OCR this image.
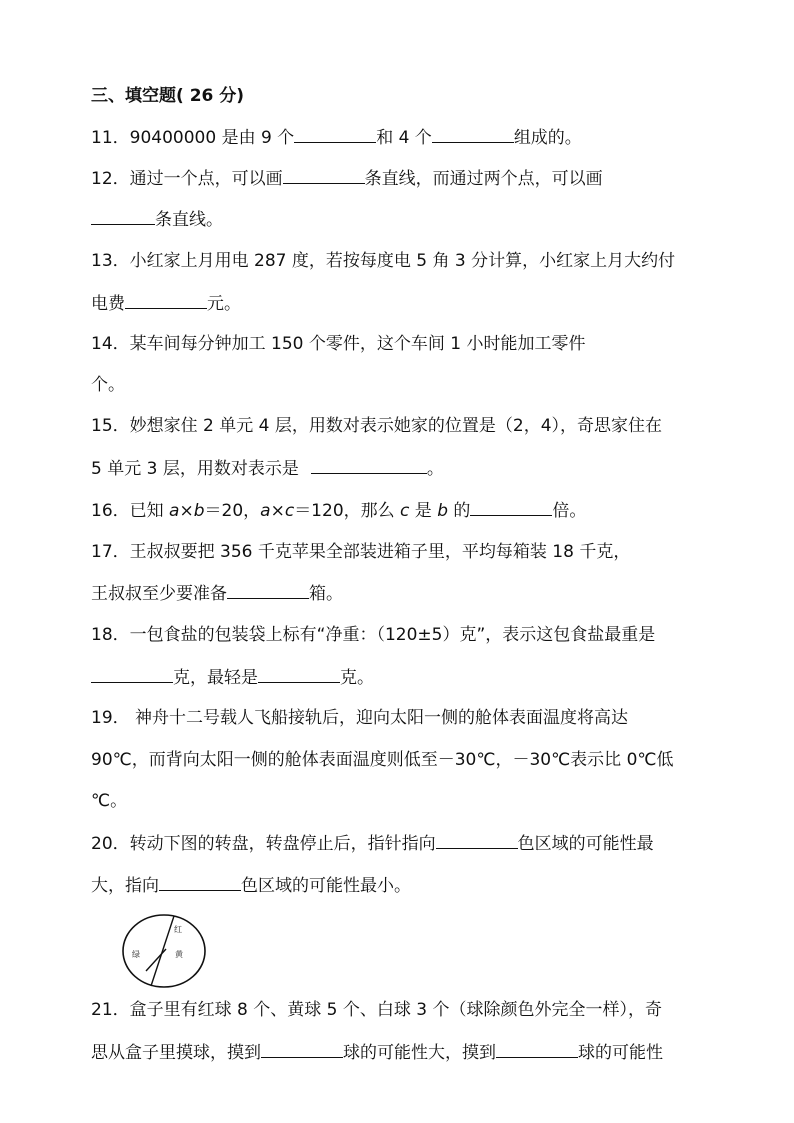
三、填空题( 26 分)
11．90400000 是由 9 个	和 4 个	组成的。
12．通过一个点，可以画	条直线，而通过两个点，可以画
条直线。
13．小红家上月用电 287 度，若按每度电 5 角 3 分计算，小红家上月大约付
电费	元。
14．某车间每分钟加工 150 个零件，这个车间 1 小时能加工零件
个。
15．妙想家住 2 单元 4 层，用数对表示她家的位置是（2，4），奇思家住在
5 单元 3 层，用数对表示是	。
16．已知 a×b＝20，a×c＝120，那么 c 是 b 的	倍。
17．王叔叔要把 356 千克苹果全部装进箱子里，平均每箱装 18 千克，
王叔叔至少要准备	箱。
18．一包食盐的包装袋上标有“净重：（120±5）克”，表示这包食盐最重是
克，最轻是	克。
19． 神舟十二号载人飞船接轨后，迎向太阳一侧的舱体表面温度将高达
90℃，而背向太阳一侧的舱体表面温度则低至－30℃，－30℃表示比 0℃低
℃。
20．转动下图的转盘，转盘停止后，指针指向	色区域的可能性最
大，指向	色区域的可能性最小。
红
绿	黄
21．盒子里有红球 8 个、黄球 5 个、白球 3 个（球除颜色外完全一样），奇
思从盒子里摸球，摸到	球的可能性大，摸到	球的可能性
